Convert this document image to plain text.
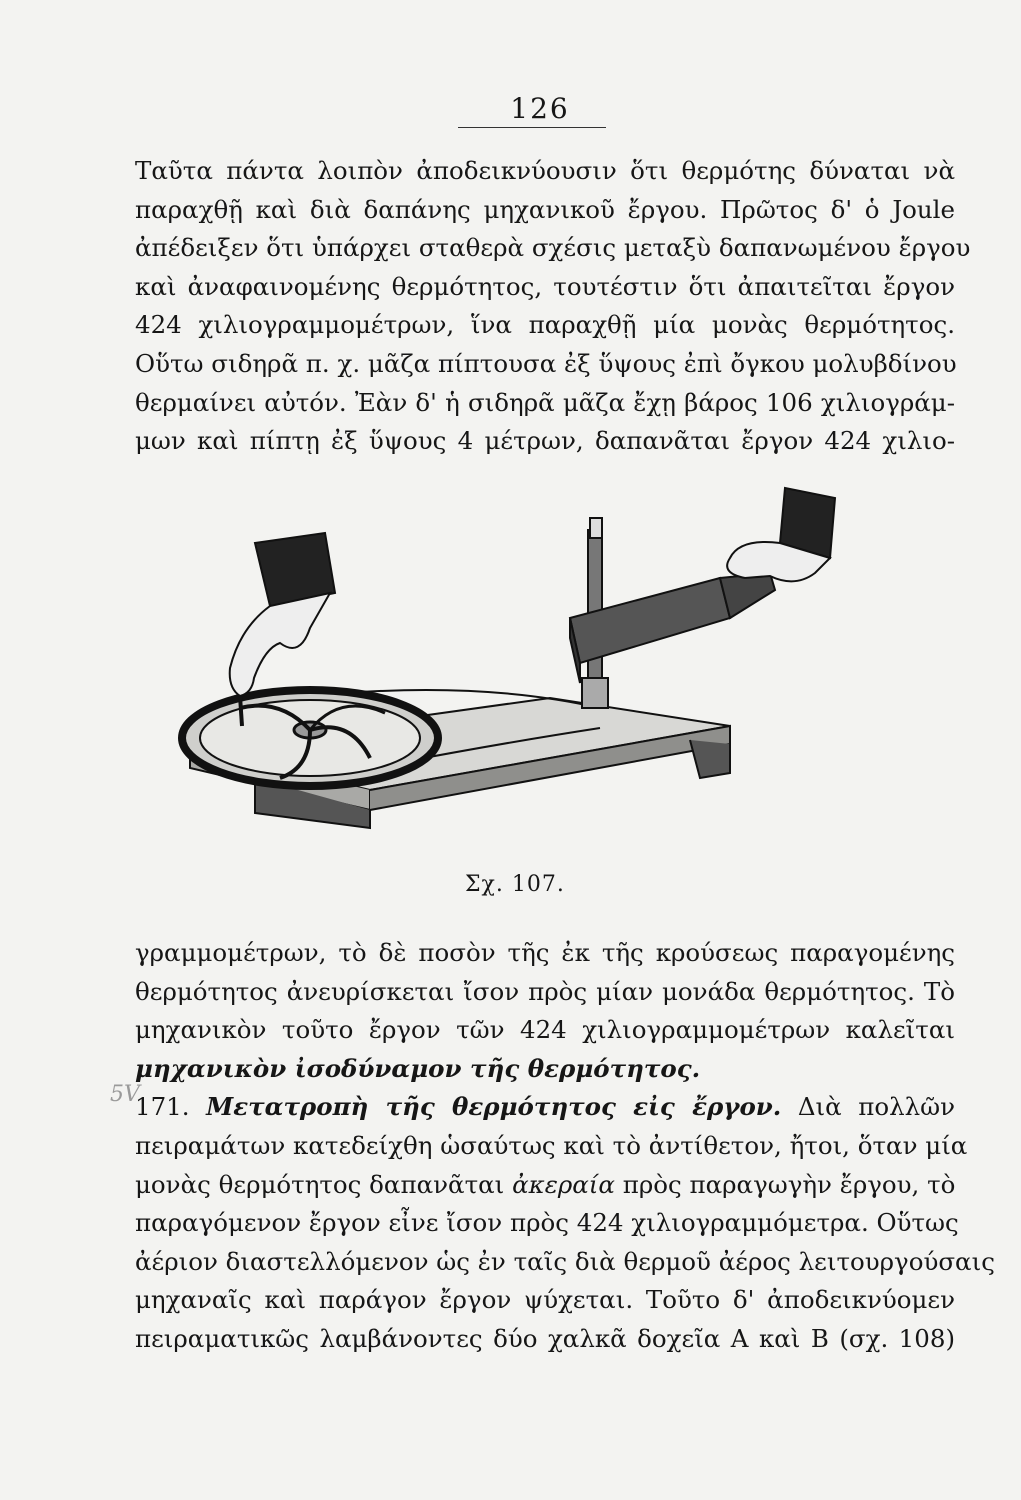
126
Ταῦτα πάντα λοιπὸν ἀποδεικνύουσιν ὅτι θερμότης δύναται νὰ
παραχθῇ καὶ διὰ δαπάνης μηχανικοῦ ἔργου. Πρῶτος δ' ὁ Joule
ἀπέδειξεν ὅτι ὑπάρχει σταθερὰ σχέσις μεταξὺ δαπανωμένου ἔργου
καὶ ἀναφαινομένης θερμότητος, τουτέστιν ὅτι ἀπαιτεῖται ἔργον
424 χιλιογραμμομέτρων, ἵνα παραχθῇ μία μονὰς θερμότητος.
Οὕτω σιδηρᾶ π. χ. μᾶζα πίπτουσα ἐξ ὕψους ἐπὶ ὄγκου μολυβδίνου
θερμαίνει αὐτόν. Ἐὰν δ' ἡ σιδηρᾶ μᾶζα ἔχῃ βάρος 106 χιλιογράμ-
μων καὶ πίπτῃ ἐξ ὕψους 4 μέτρων, δαπανᾶται ἔργον 424 χιλιο-
Σχ. 107.
5V
γραμμομέτρων, τὸ δὲ ποσὸν τῆς ἐκ τῆς κρούσεως παραγομένης
θερμότητος ἀνευρίσκεται ἴσον πρὸς μίαν μονάδα θερμότητος. Τὸ
μηχανικὸν τοῦτο ἔργον τῶν 424 χιλιογραμμομέτρων καλεῖται
μηχανικὸν ἰσοδύναμον τῆς θερμότητος.
171. Μετατροπὴ τῆς θερμότητος εἰς ἔργον. Διὰ πολλῶν
πειραμάτων κατεδείχθη ὡσαύτως καὶ τὸ ἀντίθετον, ἤτοι, ὅταν μία
μονὰς θερμότητος δαπανᾶται ἀκεραία πρὸς παραγωγὴν ἔργου, τὸ
παραγόμενον ἔργον εἶνε ἴσον πρὸς 424 χιλιογραμμόμετρα. Οὕτως
ἀέριον διαστελλόμενον ὡς ἐν ταῖς διὰ θερμοῦ ἀέρος λειτουργούσαις
μηχαναῖς καὶ παράγον ἔργον ψύχεται. Τοῦτο δ' ἀποδεικνύομεν
πειραματικῶς λαμβάνοντες δύο χαλκᾶ δοχεῖα Α καὶ Β (σχ. 108)
